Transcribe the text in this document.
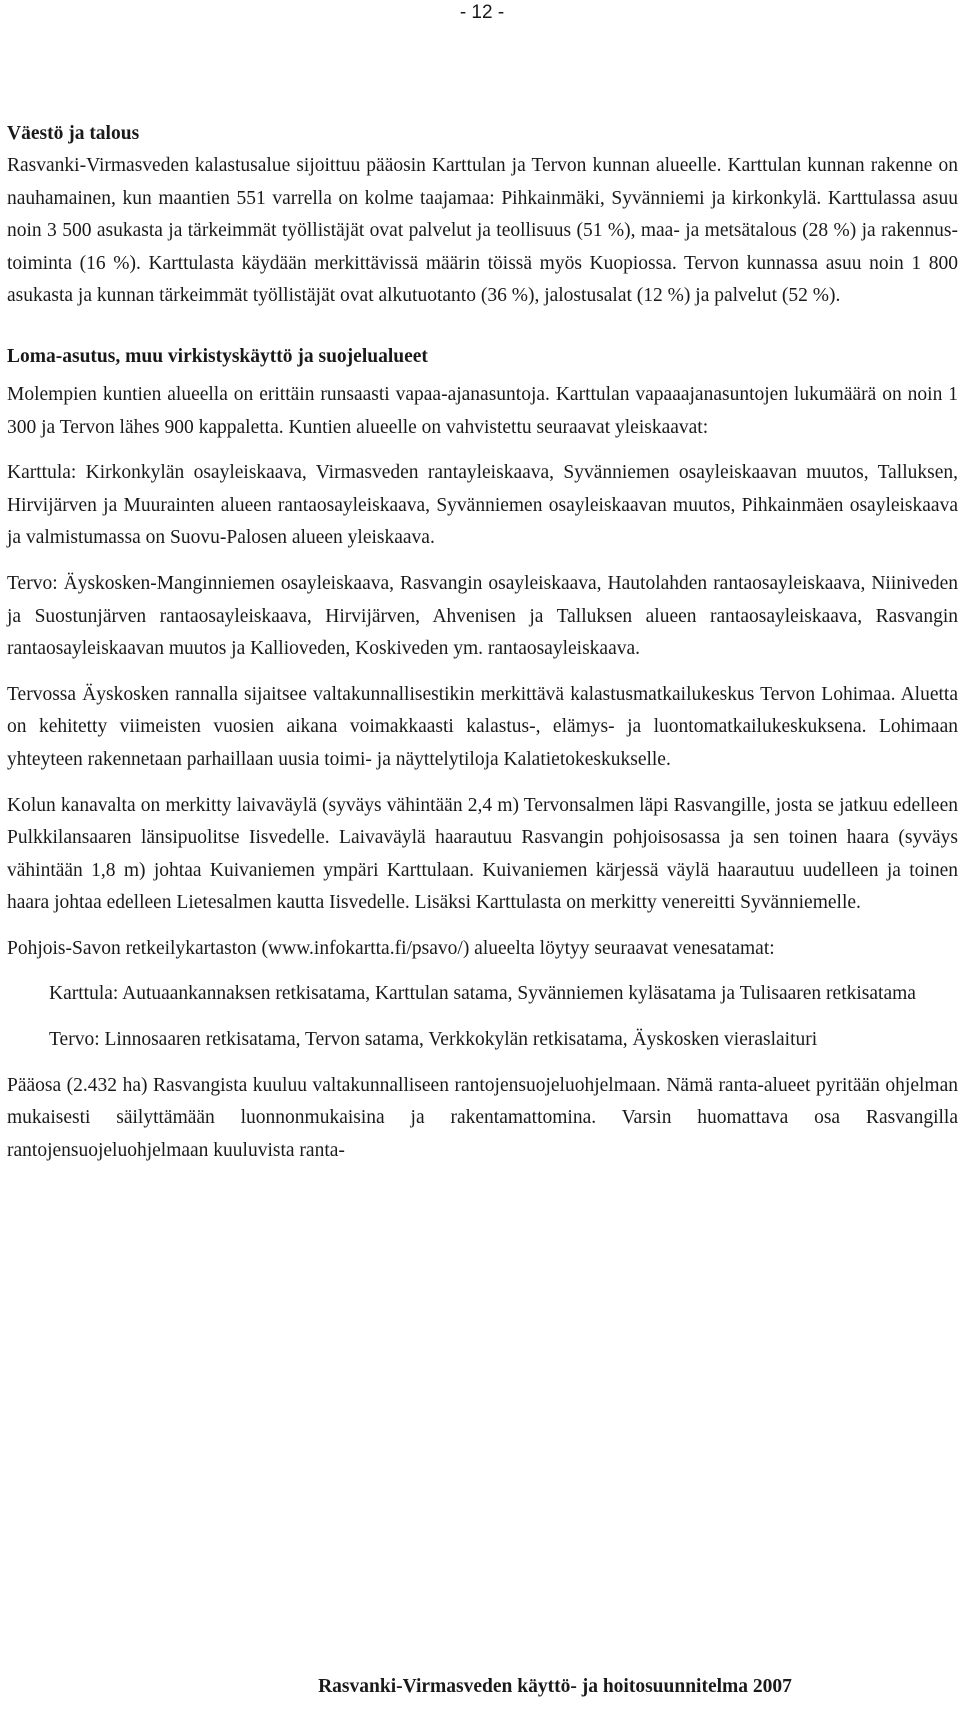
- 12 -
Väestö ja talous

Rasvanki-Virmasveden kalastusalue sijoittuu pääosin Karttulan ja Tervon kunnan alueelle. Karttulan kunnan rakenne on nauhamainen, kun maantien 551 varrella on kolme taajamaa: Pihkainmäki, Syvänniemi ja kirkonkylä. Karttulassa asuu noin 3 500 asukasta ja tärkeimmät työllistäjät ovat palvelut ja teollisuus (51 %), maa- ja metsätalous (28 %) ja rakennustoiminta (16 %). Karttulasta käydään merkittävissä määrin töissä myös Kuopiossa. Tervon kunnassa asuu noin 1 800 asukasta ja kunnan tärkeimmät työllistäjät ovat alkutuotanto (36 %), jalostusalat (12 %) ja palvelut (52 %).

Loma-asutus, muu virkistyskäyttö ja suojelualueet

Molempien kuntien alueella on erittäin runsaasti vapaa-ajanasuntoja. Karttulan vapaaajanasuntojen lukumäärä on noin 1 300 ja Tervon lähes 900 kappaletta. Kuntien alueelle on vahvistettu seuraavat yleiskaavat:

Karttula: Kirkonkylän osayleiskaava, Virmasveden rantayleiskaava, Syvänniemen osayleiskaavan muutos, Talluksen, Hirvijärven ja Muurainten alueen rantaosayleiskaava, Syvänniemen osayleiskaavan muutos, Pihkainmäen osayleiskaava ja valmistumassa on Suovu-Palosen alueen yleiskaava.

Tervo: Äyskosken-Manginniemen osayleiskaava, Rasvangin osayleiskaava, Hautolahden rantaosayleiskaava, Niiniveden ja Suostunjärven rantaosayleiskaava, Hirvijärven, Ahvenisen ja Talluksen alueen rantaosayleiskaava, Rasvangin rantaosayleiskaavan muutos ja Kallioveden, Koskiveden ym. rantaosayleiskaava.

Tervossa Äyskosken rannalla sijaitsee valtakunnallisestikin merkittävä kalastusmatkailukeskus Tervon Lohimaa. Aluetta on kehitetty viimeisten vuosien aikana voimakkaasti kalastus-, elämys- ja luontomatkailukeskuksena. Lohimaan yhteyteen rakennetaan parhaillaan uusia toimi- ja näyttelytiloja Kalatietokeskukselle.

Kolun kanavalta on merkitty laivaväylä (syväys vähintään 2,4 m) Tervonsalmen läpi Rasvangille, josta se jatkuu edelleen Pulkkilansaaren länsipuolitse Iisvedelle. Laivaväylä haarautuu Rasvangin pohjoisosassa ja sen toinen haara (syväys vähintään 1,8 m) johtaa Kuivaniemen ympäri Karttulaan. Kuivaniemen kärjessä väylä haarautuu uudelleen ja toinen haara johtaa edelleen Lietesalmen kautta Iisvedelle. Lisäksi Karttulasta on merkitty venereitti Syvänniemelle.

Pohjois-Savon retkeilykartaston (www.infokartta.fi/psavo/) alueelta löytyy seuraavat venesatamat:

Karttula: Autuaankannaksen retkisatama, Karttulan satama, Syvänniemen kyläsatama ja Tulisaaren retkisatama

Tervo: Linnosaaren retkisatama, Tervon satama, Verkkokylän retkisatama, Äyskosken vieraslaituri

Pääosa (2.432 ha) Rasvangista kuuluu valtakunnalliseen rantojensuojeluohjelmaan. Nämä ranta-alueet pyritään ohjelman mukaisesti säilyttämään luonnonmukaisina ja rakentamattomina. Varsin huomattava osa Rasvangilla rantojensuojeluohjelmaan kuuluvista ranta-

Rasvanki-Virmasveden käyttö- ja hoitosuunnitelma 2007
